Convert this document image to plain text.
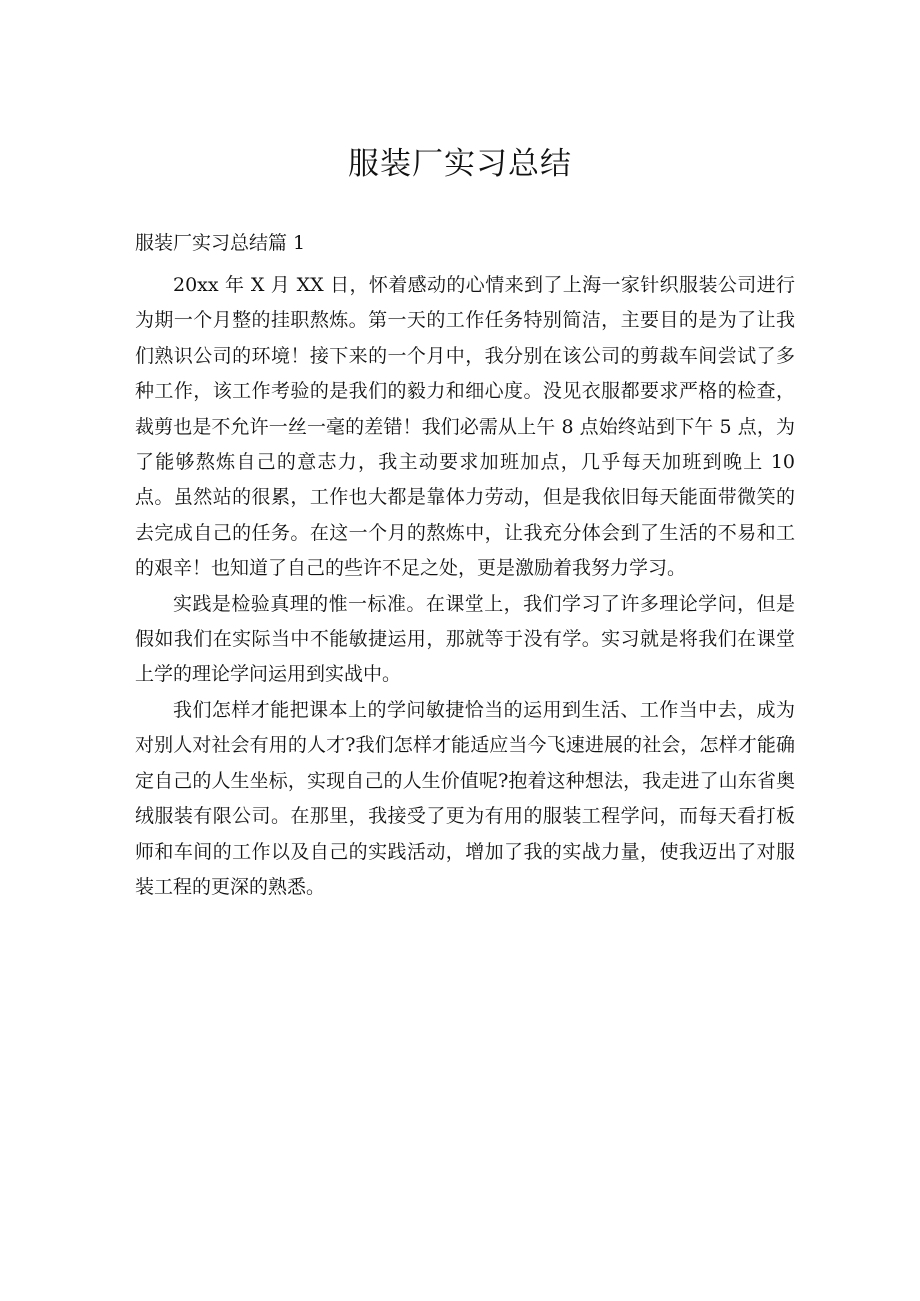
服装厂实习总结

服装厂实习总结篇 1

20xx 年 X 月 XX 日，怀着感动的心情来到了上海一家针织服装公司进行为期一个月整的挂职熬炼。第一天的工作任务特别简洁，主要目的是为了让我们熟识公司的环境！接下来的一个月中，我分别在该公司的剪裁车间尝试了多种工作，该工作考验的是我们的毅力和细心度。没见衣服都要求严格的检查，裁剪也是不允许一丝一毫的差错！我们必需从上午 8 点始终站到下午 5 点，为了能够熬炼自己的意志力，我主动要求加班加点，几乎每天加班到晚上 10 点。虽然站的很累，工作也大都是靠体力劳动，但是我依旧每天能面带微笑的去完成自己的任务。在这一个月的熬炼中，让我充分体会到了生活的不易和工的艰辛！也知道了自己的些许不足之处，更是激励着我努力学习。

实践是检验真理的惟一标准。在课堂上，我们学习了许多理论学问，但是假如我们在实际当中不能敏捷运用，那就等于没有学。实习就是将我们在课堂上学的理论学问运用到实战中。

我们怎样才能把课本上的学问敏捷恰当的运用到生活、工作当中去，成为对别人对社会有用的人才?我们怎样才能适应当今飞速进展的社会，怎样才能确定自己的人生坐标，实现自己的人生价值呢?抱着这种想法，我走进了山东省奥绒服装有限公司。在那里，我接受了更为有用的服装工程学问，而每天看打板师和车间的工作以及自己的实践活动，增加了我的实战力量，使我迈出了对服装工程的更深的熟悉。
